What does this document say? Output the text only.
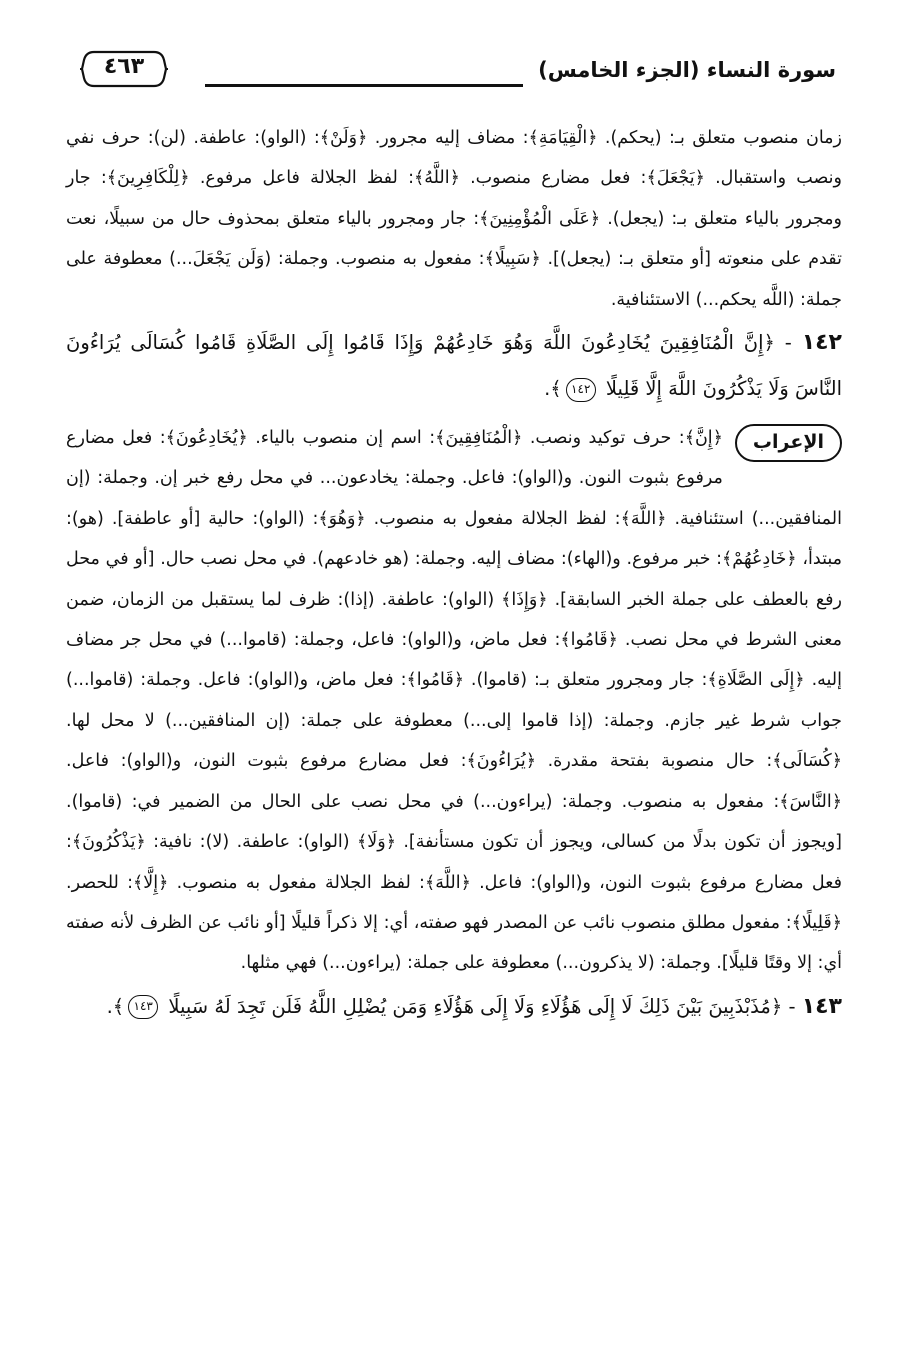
سورة النساء (الجزء الخامس)
٤٦٣

زمان منصوب متعلق بـ: (يحكم). ﴿الْقِيَامَةِ﴾: مضاف إليه مجرور. ﴿وَلَنْ﴾: (الواو): عاطفة. (لن): حرف نفي ونصب واستقبال. ﴿يَجْعَلَ﴾: فعل مضارع منصوب. ﴿اللَّهُ﴾: لفظ الجلالة فاعل مرفوع. ﴿لِلْكَافِرِينَ﴾: جار ومجرور بالياء متعلق بـ: (يجعل). ﴿عَلَى الْمُؤْمِنِينَ﴾: جار ومجرور بالياء متعلق بمحذوف حال من سبيلًا، نعت تقدم على منعوته [أو متعلق بـ: (يجعل)]. ﴿سَبِيلًا﴾: مفعول به منصوب. وجملة: (وَلَن يَجْعَلَ...) معطوفة على جملة: (اللَّه يحكم...) الاستئنافية.

١٤٢ - ﴿إِنَّ الْمُنَافِقِينَ يُخَادِعُونَ اللَّهَ وَهُوَ خَادِعُهُمْ وَإِذَا قَامُوا إِلَى الصَّلَاةِ قَامُوا كُسَالَى يُرَاءُونَ النَّاسَ وَلَا يَذْكُرُونَ اللَّهَ إِلَّا قَلِيلًا ١٤٢﴾.

الإعراب
﴿إِنَّ﴾: حرف توكيد ونصب. ﴿الْمُنَافِقِينَ﴾: اسم إن منصوب بالياء. ﴿يُخَادِعُونَ﴾: فعل مضارع مرفوع بثبوت النون. و(الواو): فاعل. وجملة: يخادعون... في محل رفع خبر إن. وجملة: (إن المنافقين...) استئنافية. ﴿اللَّهَ﴾: لفظ الجلالة مفعول به منصوب. ﴿وَهُوَ﴾: (الواو): حالية [أو عاطفة]. (هو): مبتدأ، ﴿خَادِعُهُمْ﴾: خبر مرفوع. و(الهاء): مضاف إليه. وجملة: (هو خادعهم). في محل نصب حال. [أو في محل رفع بالعطف على جملة الخبر السابقة]. ﴿وَإِذَا﴾ (الواو): عاطفة. (إذا): ظرف لما يستقبل من الزمان، ضمن معنى الشرط في محل نصب. ﴿قَامُوا﴾: فعل ماض، و(الواو): فاعل، وجملة: (قاموا...) في محل جر مضاف إليه. ﴿إِلَى الصَّلَاةِ﴾: جار ومجرور متعلق بـ: (قاموا). ﴿قَامُوا﴾: فعل ماض، و(الواو): فاعل. وجملة: (قاموا...) جواب شرط غير جازم. وجملة: (إذا قاموا إلى...) معطوفة على جملة: (إن المنافقين...) لا محل لها. ﴿كُسَالَى﴾: حال منصوبة بفتحة مقدرة. ﴿يُرَاءُونَ﴾: فعل مضارع مرفوع بثبوت النون، و(الواو): فاعل. ﴿النَّاسَ﴾: مفعول به منصوب. وجملة: (يراءون...) في محل نصب على الحال من الضمير في: (قاموا). [ويجوز أن تكون بدلًا من كسالى، ويجوز أن تكون مستأنفة]. ﴿وَلَا﴾ (الواو): عاطفة. (لا): نافية: ﴿يَذْكُرُونَ﴾: فعل مضارع مرفوع بثبوت النون، و(الواو): فاعل. ﴿اللَّهَ﴾: لفظ الجلالة مفعول به منصوب. ﴿إِلَّا﴾: للحصر. ﴿قَلِيلًا﴾: مفعول مطلق منصوب نائب عن المصدر فهو صفته، أي: إلا ذكراً قليلًا [أو نائب عن الظرف لأنه صفته أي: إلا وقتًا قليلًا]. وجملة: (لا يذكرون...) معطوفة على جملة: (يراءون...) فهي مثلها.

١٤٣ - ﴿مُذَبْذَبِينَ بَيْنَ ذَلِكَ لَا إِلَى هَؤُلَاءِ وَلَا إِلَى هَؤُلَاءِ وَمَن يُضْلِلِ اللَّهُ فَلَن تَجِدَ لَهُ سَبِيلًا ١٤٣﴾.
